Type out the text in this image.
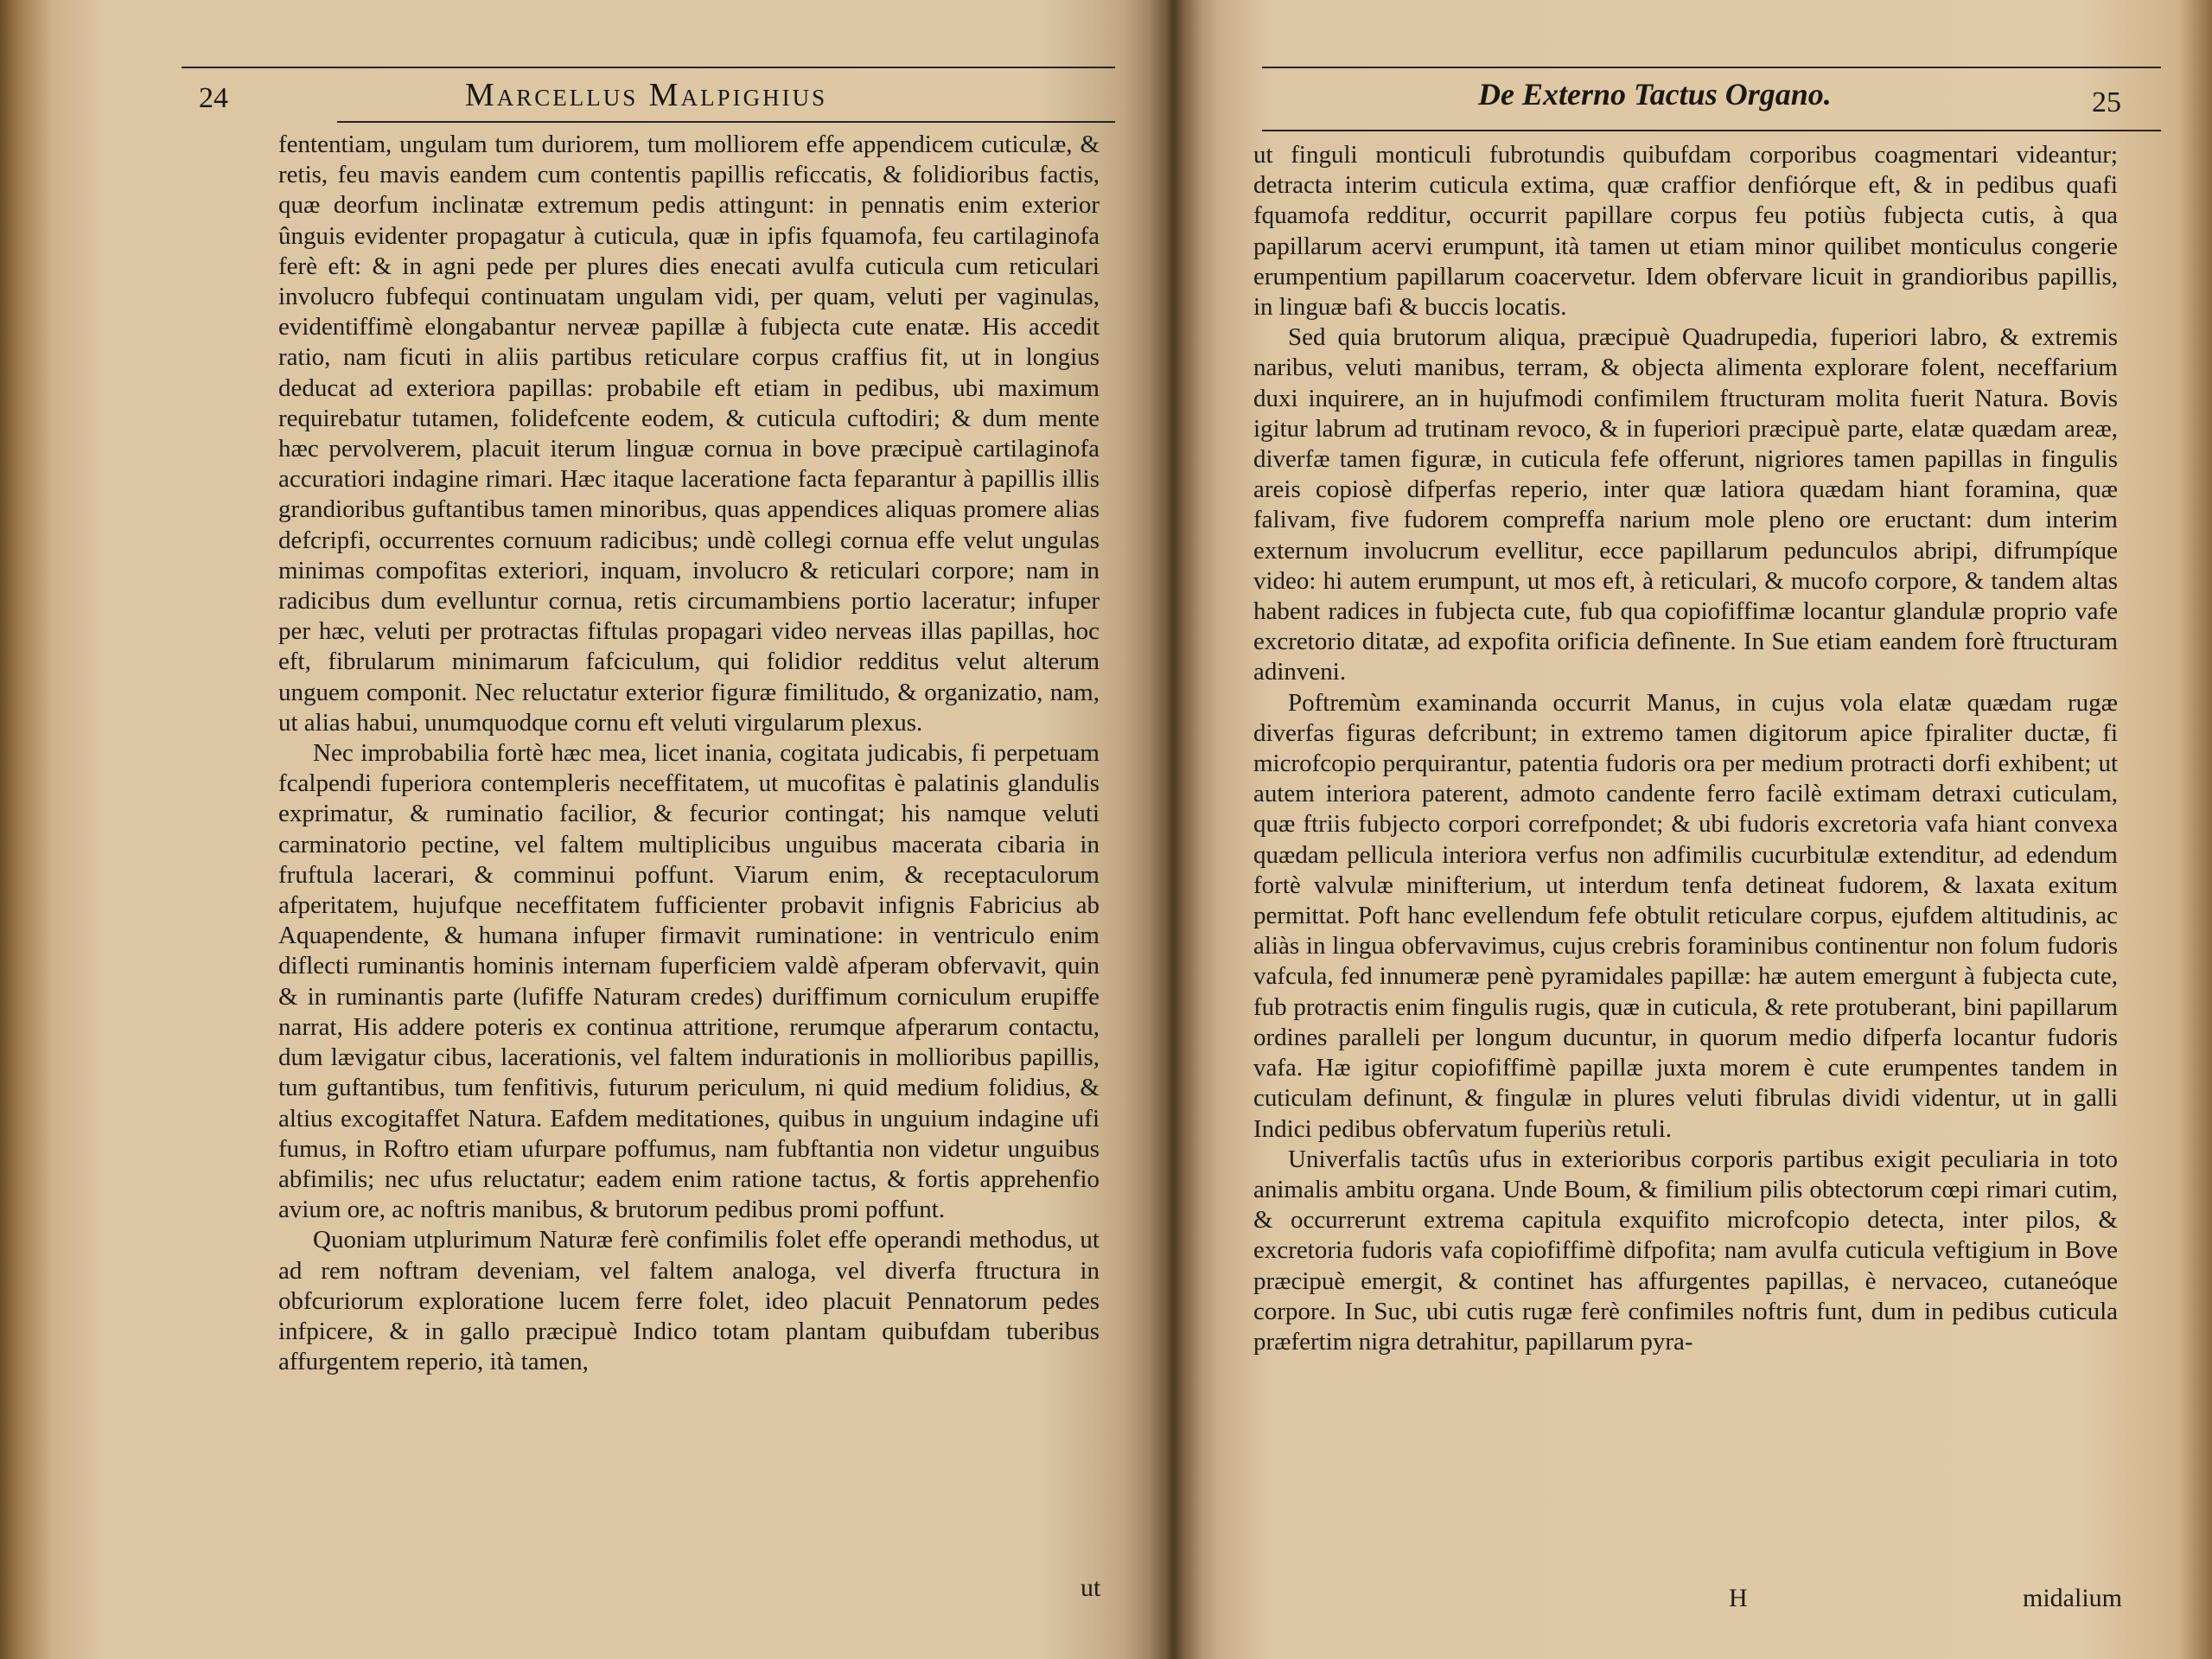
24	Marcellus Malpighius

fententiam, ungulam tum duriorem, tum molliorem effe appendicem cuticulæ, & retis, feu mavis eandem cum contentis papillis reficcatis, & folidioribus factis, quæ deorfum inclinatæ extremum pedis attingunt: in pennatis enim exterior ûnguis evidenter propagatur à cuticula, quæ in ipfis fquamofa, feu cartilaginofa ferè eft: & in agni pede per plures dies enecati avulfa cuticula cum reticulari involucro fubfequi continuatam ungulam vidi, per quam, veluti per vaginulas, evidentiffimè elongabantur nerveæ papillæ à fubjecta cute enatæ. His accedit ratio, nam ficuti in aliis partibus reticulare corpus craffius fit, ut in longius deducat ad exteriora papillas: probabile eft etiam in pedibus, ubi maximum requirebatur tutamen, folidefcente eodem, & cuticula cuftodiri; & dum mente hæc pervolverem, placuit iterum linguæ cornua in bove præcipuè cartilaginofa accuratiori indagine rimari. Hæc itaque laceratione facta feparantur à papillis illis grandioribus guftantibus tamen minoribus, quas appendices aliquas promere alias defcripfi, occurrentes cornuum radicibus; undè collegi cornua effe velut ungulas minimas compofitas exteriori, inquam, involucro & reticulari corpore; nam in radicibus dum evelluntur cornua, retis circumambiens portio laceratur; infuper per hæc, veluti per protractas fiftulas propagari video nerveas illas papillas, hoc eft, fibrularum minimarum fafciculum, qui folidior redditus velut alterum unguem componit. Nec reluctatur exterior figuræ fimilitudo, & organizatio, nam, ut alias habui, unumquodque cornu eft veluti virgularum plexus.

Nec improbabilia fortè hæc mea, licet inania, cogitata judicabis, fi perpetuam fcalpendi fuperiora contempleris neceffitatem, ut mucofitas è palatinis glandulis exprimatur, & ruminatio facilior, & fecurior contingat; his namque veluti carminatorio pectine, vel faltem multiplicibus unguibus macerata cibaria in fruftula lacerari, & comminui poffunt. Viarum enim, & receptaculorum afperitatem, hujufque neceffitatem fufficienter probavit infignis Fabricius ab Aquapendente, & humana infuper firmavit ruminatione: in ventriculo enim diflecti ruminantis hominis internam fuperficiem valdè afperam obfervavit, quin & in ruminantis parte (lufiffe Naturam credes) duriffimum corniculum erupiffe narrat, His addere poteris ex continua attritione, rerumque afperarum contactu, dum lævigatur cibus, lacerationis, vel faltem indurationis in mollioribus papillis, tum guftantibus, tum fenfitivis, futurum periculum, ni quid medium folidius, & altius excogitaffet Natura. Eafdem meditationes, quibus in unguium indagine ufi fumus, in Roftro etiam ufurpare poffumus, nam fubftantia non videtur unguibus abfimilis; nec ufus reluctatur; eadem enim ratione tactus, & fortis apprehenfio avium ore, ac noftris manibus, & brutorum pedibus promi poffunt.

Quoniam utplurimum Naturæ ferè confimilis folet effe operandi methodus, ut ad rem noftram deveniam, vel faltem analoga, vel diverfa ftructura in obfcuriorum exploratione lucem ferre folet, ideo placuit Pennatorum pedes infpicere, & in gallo præcipuè Indico totam plantam quibufdam tuberibus affurgentem reperio, ità tamen,

ut
De Externo Tactus Organo.	25

ut finguli monticuli fubrotundis quibufdam corporibus coagmentari videantur; detracta interim cuticula extima, quæ craffior denfiórque eft, & in pedibus quafi fquamofa redditur, occurrit papillare corpus feu potiùs fubjecta cutis, à qua papillarum acervi erumpunt, ità tamen ut etiam minor quilibet monticulus congerie erumpentium papillarum coacervetur. Idem obfervare licuit in grandioribus papillis, in linguæ bafi & buccis locatis.

Sed quia brutorum aliqua, præcipuè Quadrupedia, fuperiori labro, & extremis naribus, veluti manibus, terram, & objecta alimenta explorare folent, neceffarium duxi inquirere, an in hujufmodi confimilem ftructuram molita fuerit Natura. Bovis igitur labrum ad trutinam revoco, & in fuperiori præcipuè parte, elatæ quædam areæ, diverfæ tamen figuræ, in cuticula fefe offerunt, nigriores tamen papillas in fingulis areis copiosè difperfas reperio, inter quæ latiora quædam hiant foramina, quæ falivam, five fudorem compreffa narium mole pleno ore eructant: dum interim externum involucrum evellitur, ecce papillarum pedunculos abripi, difrumpíque video: hi autem erumpunt, ut mos eft, à reticulari, & mucofo corpore, & tandem altas habent radices in fubjecta cute, fub qua copiofiffimæ locantur glandulæ proprio vafe excretorio ditatæ, ad expofita orificia defìnente. In Sue etiam eandem forè ftructuram adinveni.

Poftremùm examinanda occurrit Manus, in cujus vola elatæ quædam rugæ diverfas figuras defcribunt; in extremo tamen digitorum apice fpiraliter ductæ, fi microfcopio perquirantur, patentia fudoris ora per medium protracti dorfi exhibent; ut autem interiora paterent, admoto candente ferro facilè extimam detraxi cuticulam, quæ ftriis fubjecto corpori correfpondet; & ubi fudoris excretoria vafa hiant convexa quædam pellicula interiora verfus non adfimilis cucurbitulæ extenditur, ad edendum fortè valvulæ minifterium, ut interdum tenfa detineat fudorem, & laxata exitum permittat. Poft hanc evellendum fefe obtulit reticulare corpus, ejufdem altitudinis, ac aliàs in lingua obfervavimus, cujus crebris foraminibus continentur non folum fudoris vafcula, fed innumeræ penè pyramidales papillæ: hæ autem emergunt à fubjecta cute, fub protractis enim fingulis rugis, quæ in cuticula, & rete protuberant, bini papillarum ordines paralleli per longum ducuntur, in quorum medio difperfa locantur fudoris vafa. Hæ igitur copiofiffimè papillæ juxta morem è cute erumpentes tandem in cuticulam definunt, & fingulæ in plures veluti fibrulas dividi videntur, ut in galli Indici pedibus obfervatum fuperiùs retuli.

Univerfalis tactûs ufus in exterioribus corporis partibus exigit peculiaria in toto animalis ambitu organa. Unde Boum, & fimilium pilis obtectorum cœpi rimari cutim, & occurrerunt extrema capitula exquifito microfcopio detecta, inter pilos, & excretoria fudoris vafa copiofiffimè difpofita; nam avulfa cuticula veftigium in Bove præcipuè emergit, & continet has affurgentes papillas, è nervaceo, cutaneóque corpore. In Suc, ubi cutis rugæ ferè confimiles noftris funt, dum in pedibus cuticula præfertim nigra detrahitur, papillarum pyra-

H	midalium
